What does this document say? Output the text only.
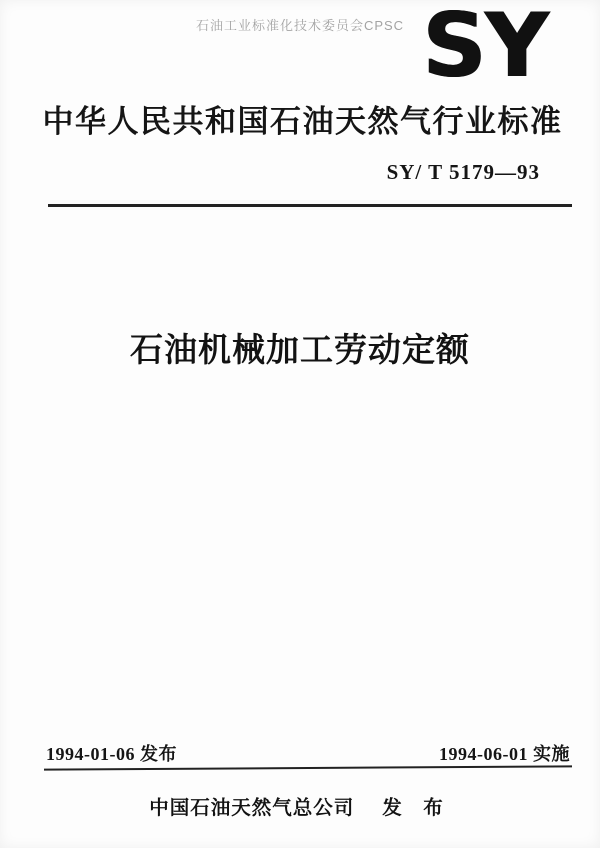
石油工业标准化技术委员会CPSC SY
中华人民共和国石油天然气行业标准
SY/ T 5179—93
石油机械加工劳动定额
1994-01-06 发布	1994-06-01 实施
中国石油天然气总公司 发 布
